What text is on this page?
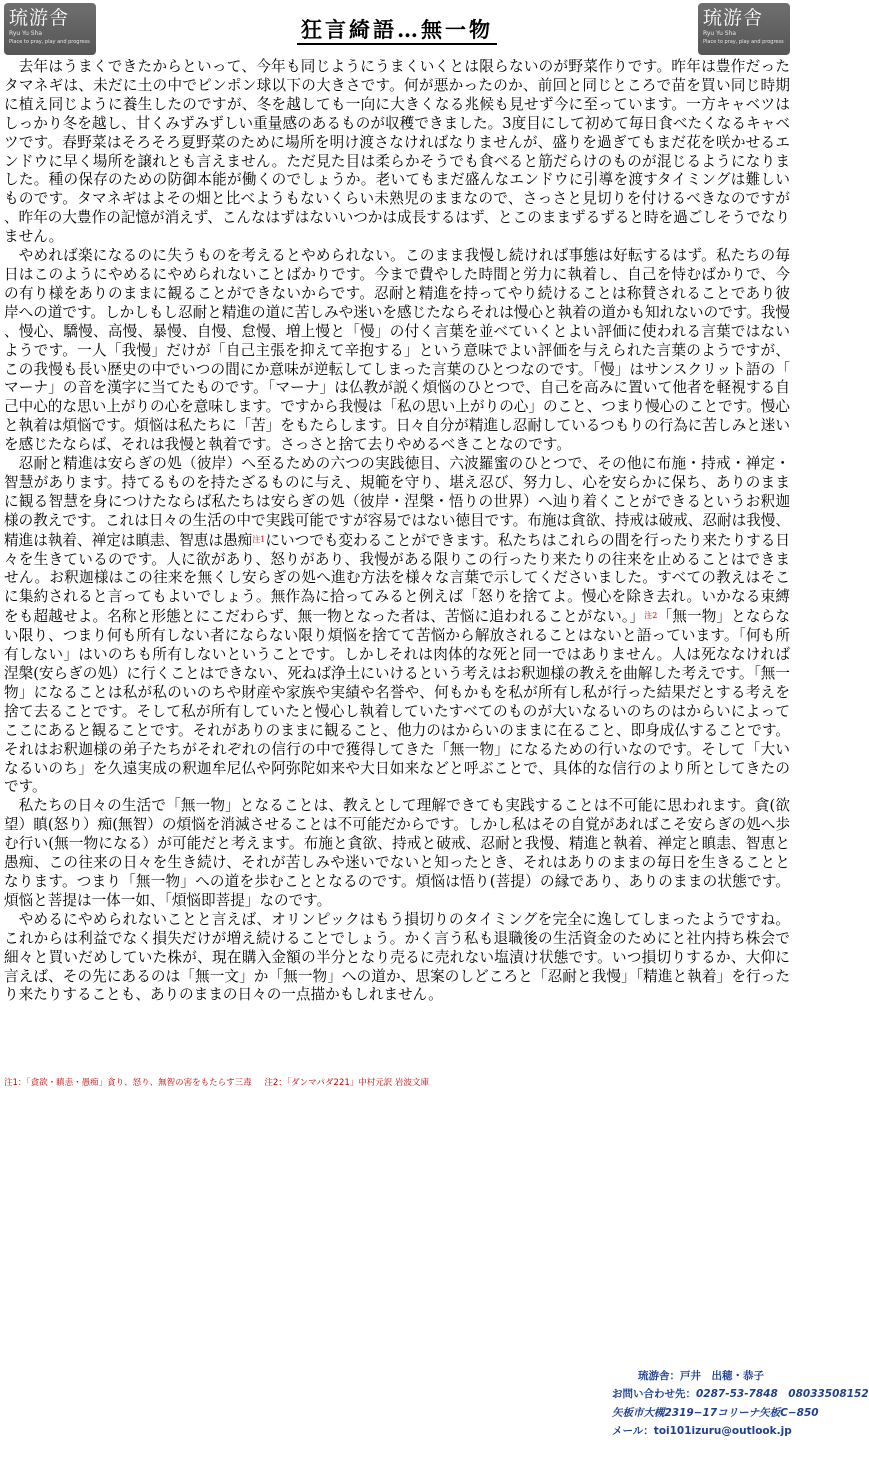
琉游舎
Ryu Yu Sha
Place to pray, play and progress	狂言綺語…無一物	琉游舎
Ryu Yu Sha
Place to pray, play and progress

去年はうまくできたからといって、今年も同じようにうまくいくとは限らないのが野菜作りです。昨年は豊作だったタマネギは、未だに土の中でピンポン球以下の大きさです。何が悪かったのか、前回と同じところで苗を買い同じ時期に植え同じように養生したのですが、冬を越しても一向に大きくなる兆候も見せず今に至っています。一方キャベツはしっかり冬を越し、甘くみずみずしい重量感のあるものが収穫できました。3度目にして初めて毎日食べたくなるキャベツです。春野菜はそろそろ夏野菜のために場所を明け渡さなければなりませんが、盛りを過ぎてもまだ花を咲かせるエンドウに早く場所を譲れとも言えません。ただ見た目は柔らかそうでも食べると筋だらけのものが混じるようになりました。種の保存のための防御本能が働くのでしょうか。老いてもまだ盛んなエンドウに引導を渡すタイミングは難しいものです。タマネギはよその畑と比べようもないくらい未熟児のままなので、さっさと見切りを付けるべきなのですが、昨年の大豊作の記憶が消えず、こんなはずはないいつかは成長するはず、とこのままずるずると時を過ごしそうでなりません。

やめれば楽になるのに失うものを考えるとやめられない。このまま我慢し続ければ事態は好転するはず。私たちの毎日はこのようにやめるにやめられないことばかりです。今まで費やした時間と労力に執着し、自己を恃むばかりで、今の有り様をありのままに観ることができないからです。忍耐と精進を持ってやり続けることは称賛されることであり彼岸への道です。しかしもし忍耐と精進の道に苦しみや迷いを感じたならそれは慢心と執着の道かも知れないのです。我慢、慢心、驕慢、高慢、暴慢、自慢、怠慢、増上慢と「慢」の付く言葉を並べていくとよい評価に使われる言葉ではないようです。一人「我慢」だけが「自己主張を抑えて辛抱する」という意味でよい評価を与えられた言葉のようですが、この我慢も長い歴史の中でいつの間にか意味が逆転してしまった言葉のひとつなのです。「慢」はサンスクリット語の「マーナ」の音を漢字に当てたものです。「マーナ」は仏教が説く煩悩のひとつで、自己を高みに置いて他者を軽視する自己中心的な思い上がりの心を意味します。ですから我慢は「私の思い上がりの心」のこと、つまり慢心のことです。慢心と執着は煩悩です。煩悩は私たちに「苦」をもたらします。日々自分が精進し忍耐しているつもりの行為に苦しみと迷いを感じたならば、それは我慢と執着です。さっさと捨て去りやめるべきことなのです。

忍耐と精進は安らぎの処（彼岸）へ至るための六つの実践徳目、六波羅蜜のひとつで、その他に布施・持戒・禅定・智慧があります。持てるものを持たざるものに与え、規範を守り、堪え忍び、努力し、心を安らかに保ち、ありのままに観る智慧を身につけたならば私たちは安らぎの処（彼岸・涅槃・悟りの世界）へ辿り着くことができるというお釈迦様の教えです。これは日々の生活の中で実践可能ですが容易ではない徳目です。布施は貪欲、持戒は破戒、忍耐は我慢、精進は執着、禅定は瞋恚、智恵は愚痴$^{注1}$にいつでも変わることができます。私たちはこれらの間を行ったり来たりする日々を生きているのです。人に欲があり、怒りがあり、我慢がある限りこの行ったり来たりの往来を止めることはできません。お釈迦様はこの往来を無くし安らぎの処へ進む方法を様々な言葉で示してくださいました。すべての教えはそこに集約されると言ってもよいでしょう。無作為に拾ってみると例えば「怒りを捨てよ。慢心を除き去れ。いかなる束縛をも超越せよ。名称と形態とにこだわらず、無一物となった者は、苦悩に追われることがない。」$^{注2}$「無一物」とならない限り、つまり何も所有しない者にならない限り煩悩を捨てて苦悩から解放されることはないと語っています。「何も所有しない」はいのちも所有しないということです。しかしそれは肉体的な死と同一ではありません。人は死ななければ涅槃(安らぎの処）に行くことはできない、死ねば浄土にいけるという考えはお釈迦様の教えを曲解した考えです。「無一物」になることは私が私のいのちや財産や家族や実績や名誉や、何もかもを私が所有し私が行った結果だとする考えを捨て去ることです。そして私が所有していたと慢心し執着していたすべてのものが大いなるいのちのはからいによってここにあると観ることです。それがありのままに観ること、他力のはからいのままに在ること、即身成仏することです。それはお釈迦様の弟子たちがそれぞれの信行の中で獲得してきた「無一物」になるための行いなのです。そして「大いなるいのち」を久遠実成の釈迦牟尼仏や阿弥陀如来や大日如来などと呼ぶことで、具体的な信行のより所としてきたのです。

私たちの日々の生活で「無一物」となることは、教えとして理解できても実践することは不可能に思われます。貪(欲望）瞋(怒り）痴(無智）の煩悩を消滅させることは不可能だからです。しかし私はその自覚があればこそ安らぎの処へ歩む行い(無一物になる）が可能だと考えます。布施と貪欲、持戒と破戒、忍耐と我慢、精進と執着、禅定と瞋恚、智恵と愚痴、この往来の日々を生き続け、それが苦しみや迷いでないと知ったとき、それはありのままの毎日を生きることとなります。つまり「無一物」への道を歩むこととなるのです。煩悩は悟り(菩提）の縁であり、ありのままの状態です。煩悩と菩提は一体一如、「煩悩即菩提」なのです。

琉游舎：戸井　出穂・恭子
お問い合わせ先：0287-53-7848　08033508152
矢板市大槻2319−17コリーナ矢板C−850
メール：toi101izuru@outlook.jp

やめるにやめられないことと言えば、オリンピックはもう損切りのタイミングを完全に逸してしまったようですね。これからは利益でなく損失だけが増え続けることでしょう。かく言う私も退職後の生活資金のためにと社内持ち株会で細々と買いだめしていた株が、現在購入金額の半分となり売るに売れない塩漬け状態です。いつ損切りするか、大仰に言えば、その先にあるのは「無一文」か「無一物」への道か、思案のしどころと「忍耐と我慢」「精進と執着」を行ったり来たりすることも、ありのままの日々の一点描かもしれません。

注1：「貪欲・瞋恚・愚痴」貪り、怒り、無智の害をもたらす三毒 注2：「ダンマパダ221」中村元訳 岩波文庫
